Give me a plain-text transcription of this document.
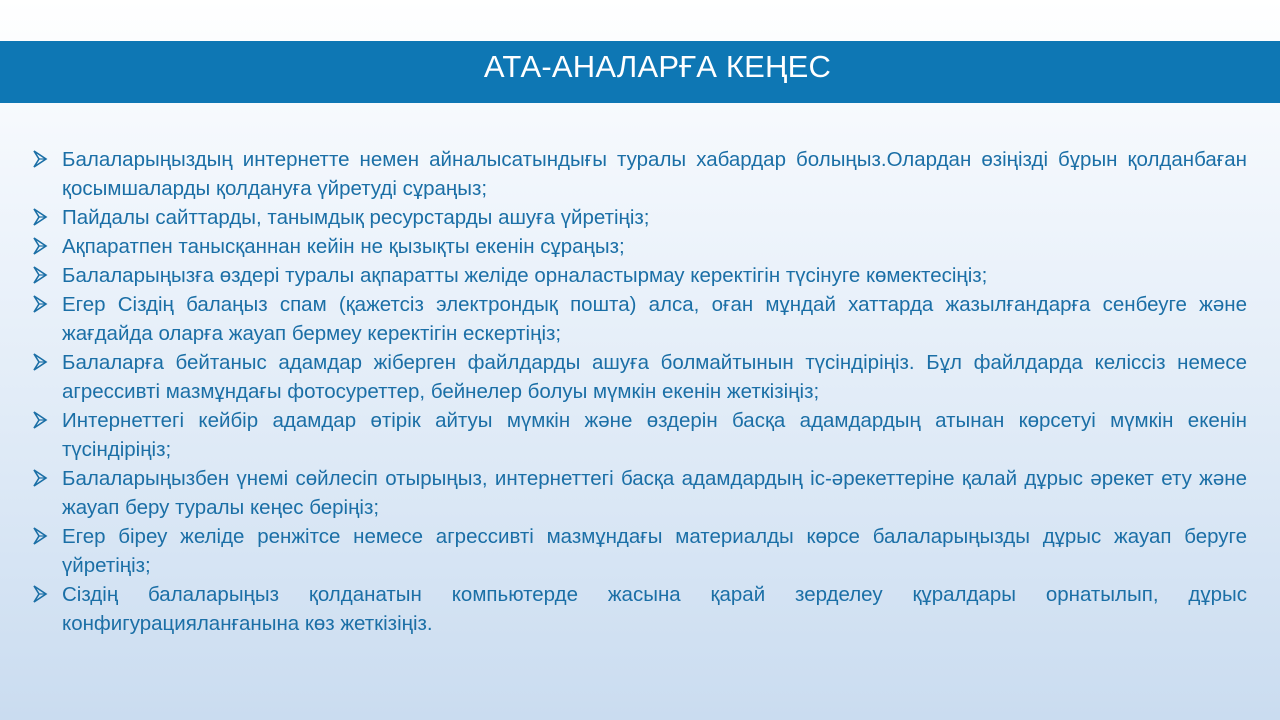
АТА-АНАЛАРҒА КЕҢЕС
Балаларыңыздың интернетте немен айналысатындығы туралы хабардар болыңыз.Олардан өзіңізді бұрын қолданбаған қосымшаларды қолдануға үйретуді сұраңыз;
Пайдалы сайттарды, танымдық ресурстарды ашуға үйретіңіз;
Ақпаратпен танысқаннан кейін не қызықты екенін сұраңыз;
Балаларыңызға өздері туралы ақпаратты желіде орналастырмау керектігін түсінуге көмектесіңіз;
Егер Сіздің балаңыз спам (қажетсіз электрондық пошта) алса, оған мұндай хаттарда жазылғандарға сенбеуге және жағдайда оларға жауап бермеу керектігін ескертіңіз;
Балаларға бейтаныс адамдар жіберген файлдарды ашуға болмайтынын түсіндіріңіз. Бұл файлдарда келіссіз немесе агрессивті мазмұндағы фотосуреттер, бейнелер болуы мүмкін екенін жеткізіңіз;
Интернеттегі кейбір адамдар өтірік айтуы мүмкін және өздерін басқа адамдардың атынан көрсетуі мүмкін екенін түсіндіріңіз;
Балаларыңызбен үнемі сөйлесіп отырыңыз, интернеттегі басқа адамдардың іс-әрекеттеріне қалай дұрыс әрекет ету және жауап беру туралы кеңес беріңіз;
Егер біреу желіде ренжітсе немесе агрессивті мазмұндағы материалды көрсе балаларыңызды дұрыс жауап беруге үйретіңіз;
Сіздің балаларыңыз қолданатын компьютерде жасына қарай зерделеу құралдары орнатылып, дұрыс конфигурацияланғанына көз жеткізіңіз.
